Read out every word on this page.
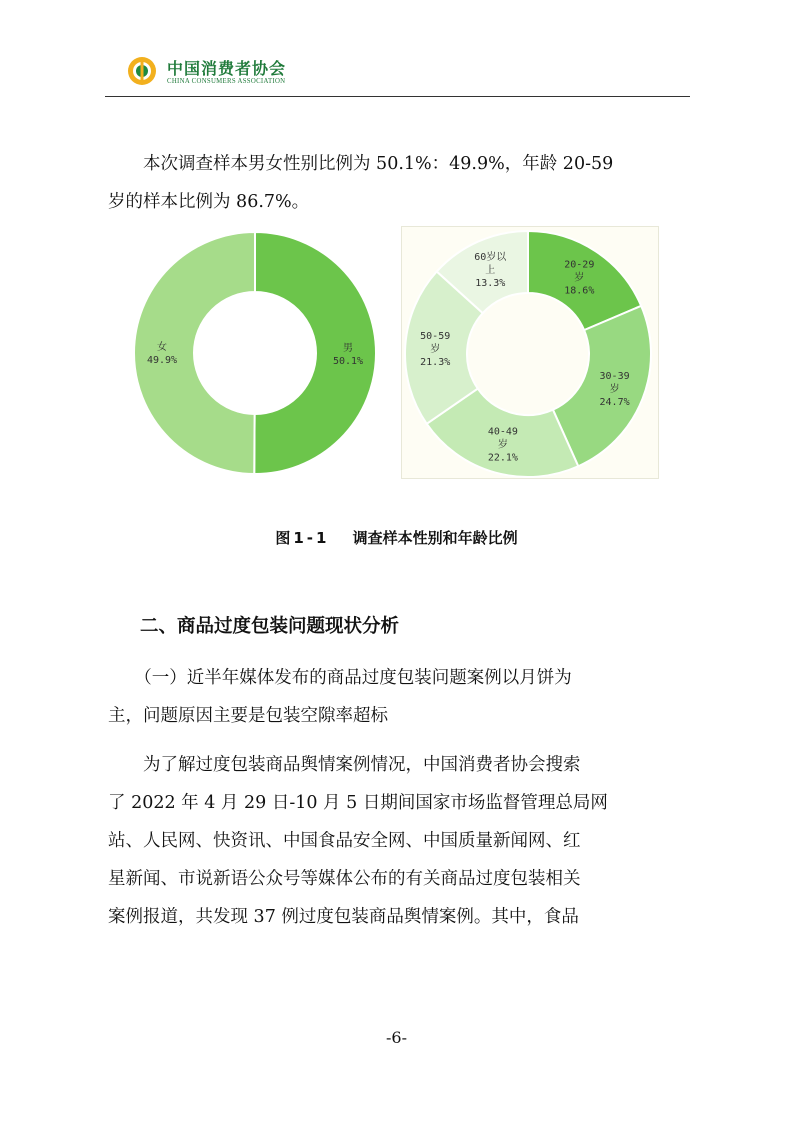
中国消费者协会
CHINA CONSUMERS ASSOCIATION

　　本次调查样本男女性别比例为 50.1%：49.9%，年龄 20-59

岁的样本比例为 86.7%。

男
50.1%
女
49.9%
20-29
岁
18.6%
30-39
岁
24.7%
40-49
岁
22.1%
50-59
岁
21.3%
60岁以
上
13.3%
图1-1 调查样本性别和年龄比例
二、商品过度包装问题现状分析

　　（一）近半年媒体发布的商品过度包装问题案例以月饼为

主，问题原因主要是包装空隙率超标

　　为了解过度包装商品舆情案例情况，中国消费者协会搜索

了 2022 年 4 月 29 日-10 月 5 日期间国家市场监督管理总局网

站、人民网、快资讯、中国食品安全网、中国质量新闻网、红

星新闻、市说新语公众号等媒体公布的有关商品过度包装相关

案例报道，共发现 37 例过度包装商品舆情案例。其中，食品

-6-
